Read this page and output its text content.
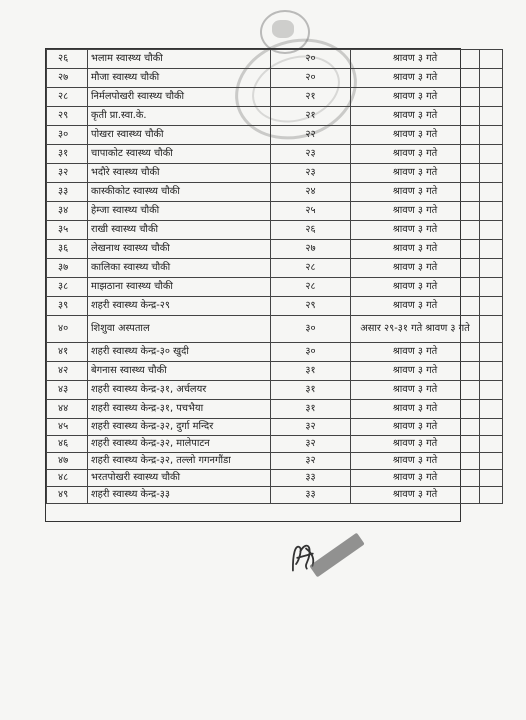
२६	भलाम स्वास्थ्य चौकी	२०	श्रावण ३ गते	
२७	मौजा स्वास्थ्य चौकी	२०	श्रावण ३ गते	
२८	निर्मलपोखरी स्वास्थ्य चौकी	२१	श्रावण ३ गते	
२९	कृती प्रा.स्वा.के.	२१	श्रावण ३ गते	
३०	पोखरा स्वास्थ्य चौकी	२२	श्रावण ३ गते	
३१	चापाकोट स्वास्थ्य चौकी	२३	श्रावण ३ गते	
३२	भदौरे स्वास्थ्य चौकी	२३	श्रावण ३ गते	
३३	कास्कीकोट स्वास्थ्य चौकी	२४	श्रावण ३ गते	
३४	हेम्जा स्वास्थ्य चौकी	२५	श्रावण ३ गते	
३५	राखी स्वास्थ्य चौकी	२६	श्रावण ३ गते	
३६	लेखनाथ स्वास्थ्य चौकी	२७	श्रावण ३ गते	
३७	कालिका स्वास्थ्य चौकी	२८	श्रावण ३ गते	
३८	माझठाना स्वास्थ्य चौकी	२८	श्रावण ३ गते	
३९	शहरी स्वास्थ्य केन्द्र-२९	२९	श्रावण ३ गते	
४०	शिशुवा अस्पताल	३०	असार २९-३१ गते श्रावण ३ गते	
४१	शहरी स्वास्थ्य केन्द्र-३० खुदी	३०	श्रावण ३ गते	
४२	बेगनास स्वास्थ्य चौकी	३१	श्रावण ३ गते	
४३	शहरी स्वास्थ्य केन्द्र-३१, अर्चलयर	३१	श्रावण ३ गते	
४४	शहरी स्वास्थ्य केन्द्र-३१, पचभैया	३१	श्रावण ३ गते	
४५	शहरी स्वास्थ्य केन्द्र-३२, दुर्गा मन्दिर	३२	श्रावण ३ गते	
४६	शहरी स्वास्थ्य केन्द्र-३२, मालेपाटन	३२	श्रावण ३ गते	
४७	शहरी स्वास्थ्य केन्द्र-३२, तल्लो गगनगौंडा	३२	श्रावण ३ गते	
४८	भरतपोखरी स्वास्थ्य चौकी	३३	श्रावण ३ गते	
४९	शहरी स्वास्थ्य केन्द्र-३३	३३	श्रावण ३ गते	
